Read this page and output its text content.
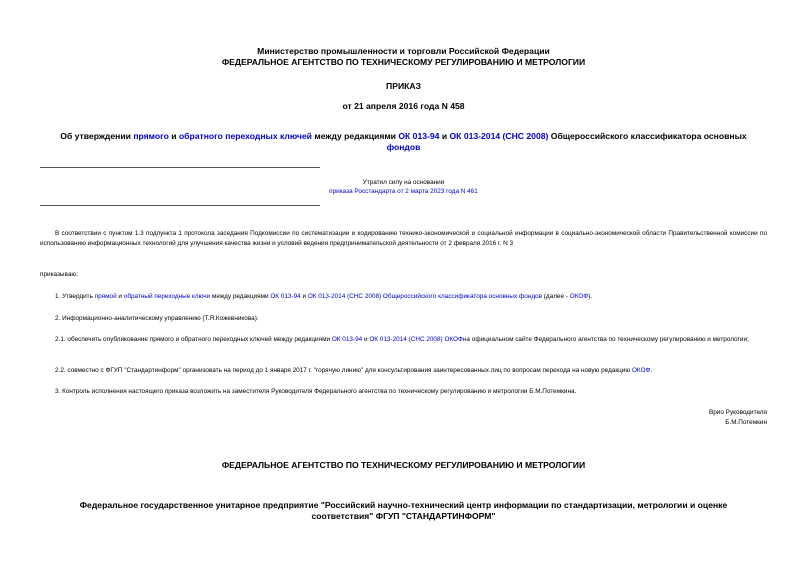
Министерство промышленности и торговли Российской Федерации
ФЕДЕРАЛЬНОЕ АГЕНТСТВО ПО ТЕХНИЧЕСКОМУ РЕГУЛИРОВАНИЮ И МЕТРОЛОГИИ
ПРИКАЗ
от 21 апреля 2016 года N 458
Об утверждении прямого и обратного переходных ключей между редакциями ОК 013-94 и ОК 013-2014 (СНС 2008) Общероссийского классификатора основных
фондов
Утратил силу на основании
приказа Росстандарта от 2 марта 2023 года N 461
В соответствии с пунктом 1.3 подпункта 1 протокола заседания Подкомиссии по систематизации и кодированию технико-экономической и социальной информации в социально-экономической области Правительственной комиссии по использованию информационных технологий для улучшения качества жизни и условий ведения предпринимательской деятельности от 2 февраля 2016 г. N 3
приказываю:
1. Утвердить прямой и обратный переходные ключи между редакциями ОК 013-94 и ОК 013-2014 (СНС 2008) Общероссийского классификатора основных фондов (далее - ОКОФ).
2. Информационно-аналитическому управлению (Т.Я.Кожевникова):
2.1. обеспечить опубликование прямого и обратного переходных ключей между редакциями ОК 013-94 и ОК 013-2014 (СНС 2008) ОКОФна официальном сайте Федерального агентства по техническому регулированию и метрологии;
2.2. совместно с ФГУП "Стандартинформ" организовать на период до 1 января 2017 г. "горячую линию" для консультирования заинтересованных лиц по вопросам перехода на новую редакцию ОКОФ.
3. Контроль исполнения настоящего приказа возложить на заместителя Руководителя Федерального агентства по техническому регулированию и метрологии Б.М.Потемкина.
Врио Руководителя
Б.М.Потемкин
ФЕДЕРАЛЬНОЕ АГЕНТСТВО ПО ТЕХНИЧЕСКОМУ РЕГУЛИРОВАНИЮ И МЕТРОЛОГИИ
Федеральное государственное унитарное предприятие "Российский научно-технический центр информации по стандартизации, метрологии и оценке
соответствия" ФГУП "СТАНДАРТИНФОРМ"
